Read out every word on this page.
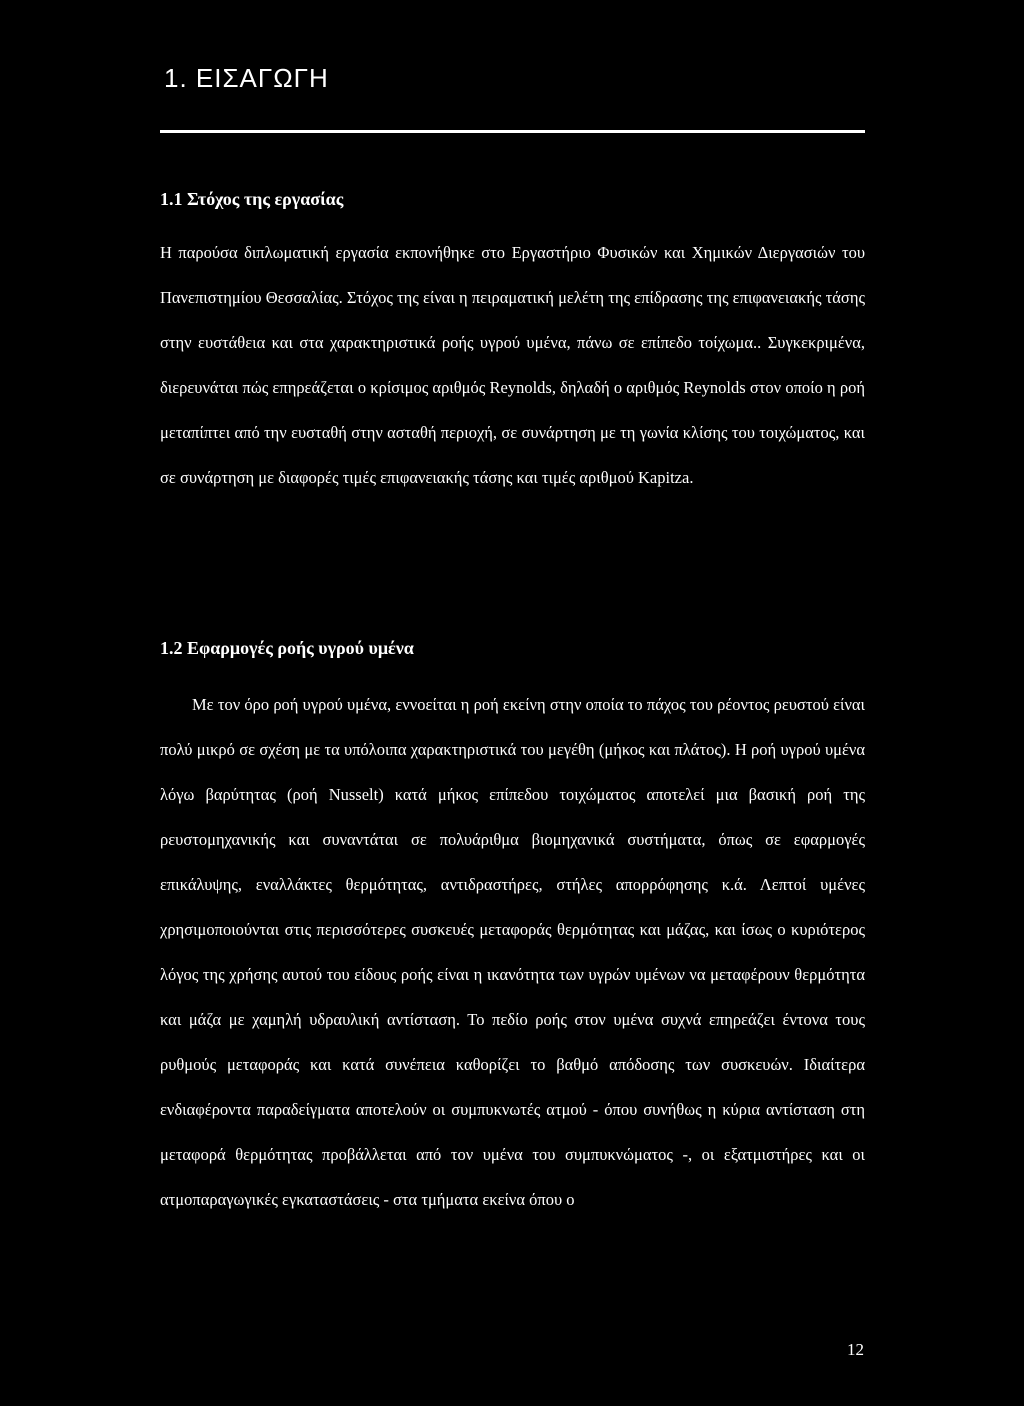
1. ΕΙΣΑΓΩΓΗ
1.1 Στόχος της εργασίας

Η παρούσα διπλωματική εργασία εκπονήθηκε στο Εργαστήριο Φυσικών και Χημικών Διεργασιών του Πανεπιστημίου Θεσσαλίας. Στόχος της είναι η πειραματική μελέτη της επίδρασης της επιφανειακής τάσης στην ευστάθεια και στα χαρακτηριστικά ροής υγρού υμένα, πάνω σε επίπεδο τοίχωμα.. Συγκεκριμένα, διερευνάται πώς επηρεάζεται ο κρίσιμος αριθμός Reynolds, δηλαδή ο αριθμός Reynolds στον οποίο η ροή μεταπίπτει από την ευσταθή στην ασταθή περιοχή, σε συνάρτηση με τη γωνία κλίσης του τοιχώματος, και σε συνάρτηση με διαφορές τιμές επιφανειακής τάσης και τιμές αριθμού Kapitza.

1.2 Εφαρμογές ροής υγρού υμένα

Με τον όρο ροή υγρού υμένα, εννοείται η ροή εκείνη στην οποία το πάχος του ρέοντος ρευστού είναι πολύ μικρό σε σχέση με τα υπόλοιπα χαρακτηριστικά του μεγέθη (μήκος και πλάτος). Η ροή υγρού υμένα λόγω βαρύτητας (ροή Nusselt) κατά μήκος επίπεδου τοιχώματος αποτελεί μια βασική ροή της ρευστομηχανικής και συναντάται σε πολυάριθμα βιομηχανικά συστήματα, όπως σε εφαρμογές επικάλυψης, εναλλάκτες θερμότητας, αντιδραστήρες, στήλες απορρόφησης κ.ά. Λεπτοί υμένες χρησιμοποιούνται στις περισσότερες συσκευές μεταφοράς θερμότητας και μάζας, και ίσως ο κυριότερος λόγος της χρήσης αυτού του είδους ροής είναι η ικανότητα των υγρών υμένων να μεταφέρουν θερμότητα και μάζα με χαμηλή υδραυλική αντίσταση. Το πεδίο ροής στον υμένα συχνά επηρεάζει έντονα τους ρυθμούς μεταφοράς και κατά συνέπεια καθορίζει το βαθμό απόδοσης των συσκευών. Ιδιαίτερα ενδιαφέροντα παραδείγματα αποτελούν οι συμπυκνωτές ατμού - όπου συνήθως η κύρια αντίσταση στη μεταφορά θερμότητας προβάλλεται από τον υμένα του συμπυκνώματος -, οι εξατμιστήρες και οι ατμοπαραγωγικές εγκαταστάσεις - στα τμήματα εκείνα όπου ο

12
